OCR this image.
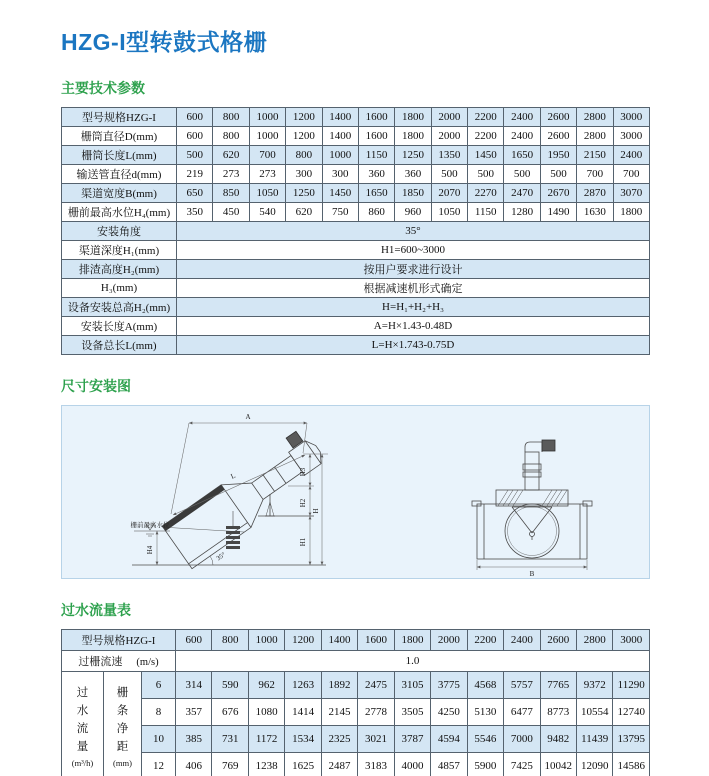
HZG-I型转鼓式格栅
主要技术参数
型号规格HZG-I	600	800	1000	1200	1400	1600	1800	2000	2200	2400	2600	2800	3000
栅筒直径D(mm)	600	800	1000	1200	1400	1600	1800	2000	2200	2400	2600	2800	3000
栅筒长度L(mm)	500	620	700	800	1000	1150	1250	1350	1450	1650	1950	2150	2400
输送管直径d(mm)	219	273	273	300	300	360	360	500	500	500	500	700	700
渠道宽度B(mm)	650	850	1050	1250	1450	1650	1850	2070	2270	2470	2670	2870	3070
栅前最高水位H₄(mm)	350	450	540	620	750	860	960	1050	1150	1280	1490	1630	1800
安装角度	35°												
渠道深度H₁(mm)	H1=600~3000												
排渣高度H₂(mm)	按用户要求进行设计												
H₃(mm)	根据减速机形式确定												
设备安装总高H₂(mm)	H=H₁+H₂+H₃												
安装长度A(mm)	A=H×1.43-0.48D												
设备总长L(mm)	L=H×1.743-0.75D												
尺寸安装图
A
L	H3
H2
H1
H
H4
35°
栅前最高水位
B
过水流量表
型号规格HZG-I			600	800	1000	1200	1400	1600	1800	2000	2200	2400	2600	2800	3000
过栅流速 (m/s)			1.0												

过水流量
(m³/h)	栅条净距
(mm)	6	314	590	962	1263	1892	2475	3105	3775	4568	5757	7765	9372	11290
		8	357	676	1080	1414	2145	2778	3505	4250	5130	6477	8773	10554	12740
		10	385	731	1172	1534	2325	3021	3787	4594	5546	7000	9482	11439	13795
		12	406	769	1238	1625	2487	3183	4000	4857	5900	7425	10042	12090	14586
